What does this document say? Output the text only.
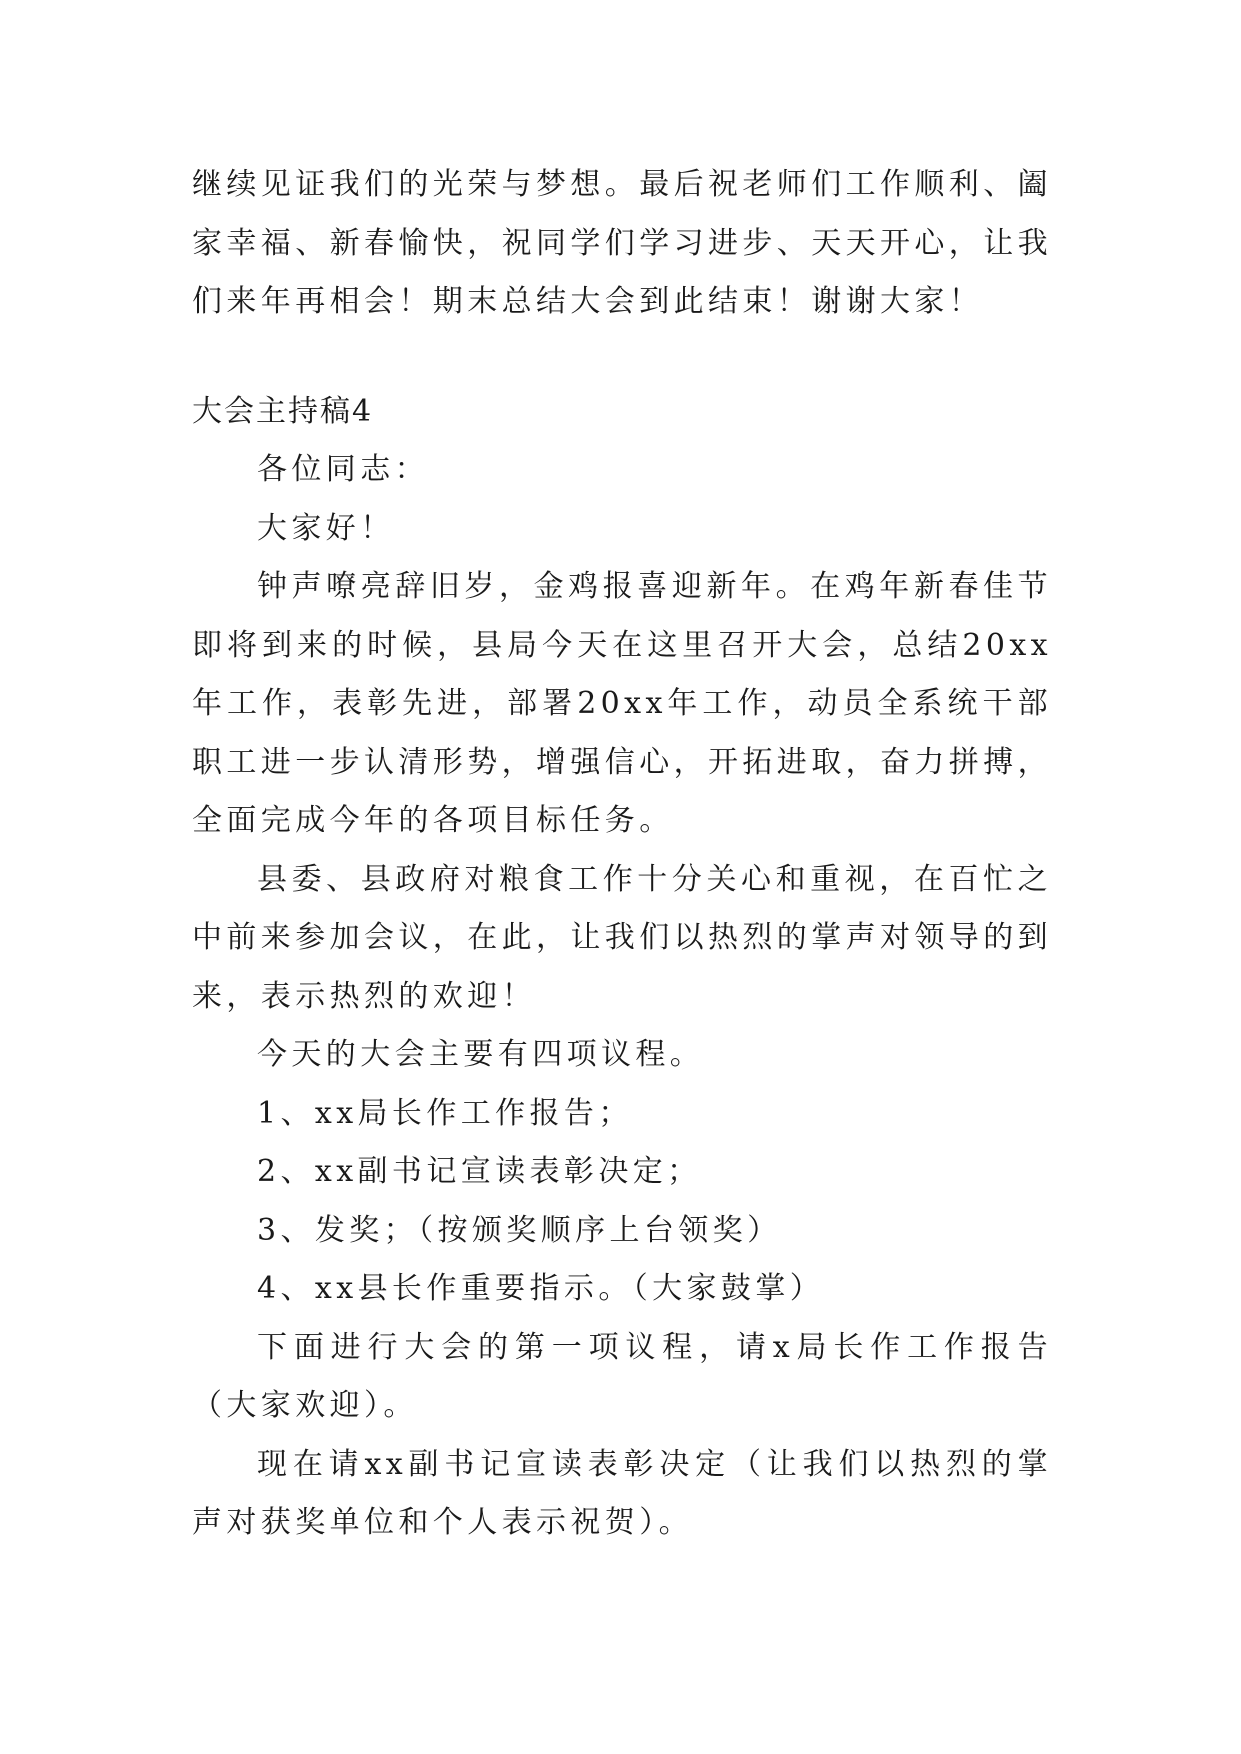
继续见证我们的光荣与梦想。最后祝老师们工作顺利、阖家幸福、新春愉快，祝同学们学习进步、天天开心，让我们来年再相会！期末总结大会到此结束！谢谢大家！

大会主持稿4

各位同志：

大家好！

钟声嘹亮辞旧岁，金鸡报喜迎新年。在鸡年新春佳节即将到来的时候，县局今天在这里召开大会，总结20xx年工作，表彰先进，部署20xx年工作，动员全系统干部职工进一步认清形势，增强信心，开拓进取，奋力拼搏，全面完成今年的各项目标任务。

县委、县政府对粮食工作十分关心和重视，在百忙之中前来参加会议，在此，让我们以热烈的掌声对领导的到来，表示热烈的欢迎！

今天的大会主要有四项议程。

1、xx局长作工作报告；

2、xx副书记宣读表彰决定；

3、发奖；（按颁奖顺序上台领奖）

4、xx县长作重要指示。（大家鼓掌）

下面进行大会的第一项议程，请x局长作工作报告（大家欢迎）。

现在请xx副书记宣读表彰决定（让我们以热烈的掌声对获奖单位和个人表示祝贺）。
